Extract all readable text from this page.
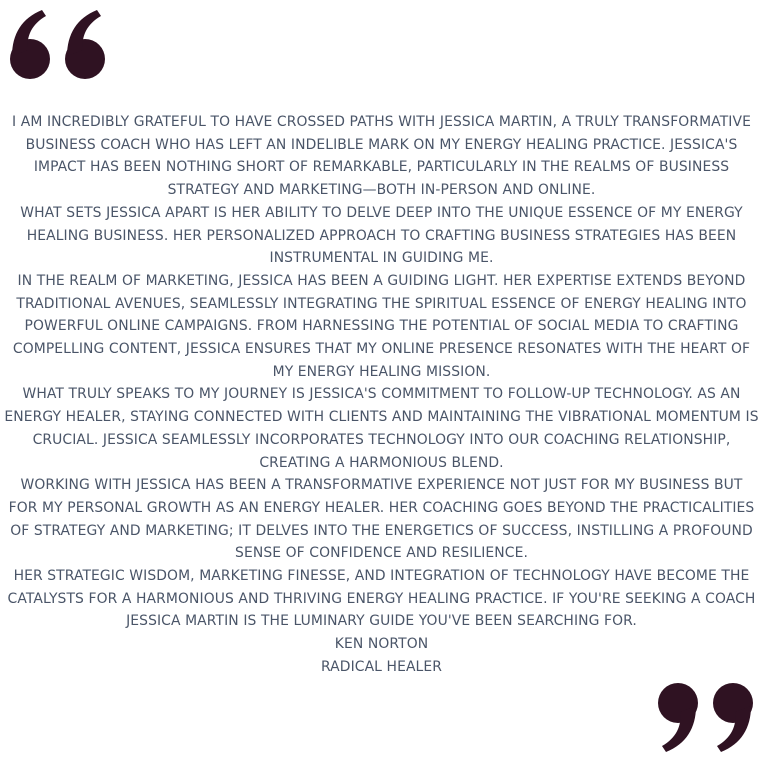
I AM INCREDIBLY GRATEFUL TO HAVE CROSSED PATHS WITH JESSICA MARTIN, A TRULY TRANSFORMATIVE BUSINESS COACH WHO HAS LEFT AN INDELIBLE MARK ON MY ENERGY HEALING PRACTICE. JESSICA'S IMPACT HAS BEEN NOTHING SHORT OF REMARKABLE, PARTICULARLY IN THE REALMS OF BUSINESS STRATEGY AND MARKETING—BOTH IN-PERSON AND ONLINE.

WHAT SETS JESSICA APART IS HER ABILITY TO DELVE DEEP INTO THE UNIQUE ESSENCE OF MY ENERGY HEALING BUSINESS. HER PERSONALIZED APPROACH TO CRAFTING BUSINESS STRATEGIES HAS BEEN INSTRUMENTAL IN GUIDING ME.

IN THE REALM OF MARKETING, JESSICA HAS BEEN A GUIDING LIGHT. HER EXPERTISE EXTENDS BEYOND TRADITIONAL AVENUES, SEAMLESSLY INTEGRATING THE SPIRITUAL ESSENCE OF ENERGY HEALING INTO POWERFUL ONLINE CAMPAIGNS. FROM HARNESSING THE POTENTIAL OF SOCIAL MEDIA TO CRAFTING COMPELLING CONTENT, JESSICA ENSURES THAT MY ONLINE PRESENCE RESONATES WITH THE HEART OF MY ENERGY HEALING MISSION.

WHAT TRULY SPEAKS TO MY JOURNEY IS JESSICA'S COMMITMENT TO FOLLOW-UP TECHNOLOGY. AS AN ENERGY HEALER, STAYING CONNECTED WITH CLIENTS AND MAINTAINING THE VIBRATIONAL MOMENTUM IS CRUCIAL. JESSICA SEAMLESSLY INCORPORATES TECHNOLOGY INTO OUR COACHING RELATIONSHIP, CREATING A HARMONIOUS BLEND.

WORKING WITH JESSICA HAS BEEN A TRANSFORMATIVE EXPERIENCE NOT JUST FOR MY BUSINESS BUT FOR MY PERSONAL GROWTH AS AN ENERGY HEALER. HER COACHING GOES BEYOND THE PRACTICALITIES OF STRATEGY AND MARKETING; IT DELVES INTO THE ENERGETICS OF SUCCESS, INSTILLING A PROFOUND SENSE OF CONFIDENCE AND RESILIENCE.

HER STRATEGIC WISDOM, MARKETING FINESSE, AND INTEGRATION OF TECHNOLOGY HAVE BECOME THE CATALYSTS FOR A HARMONIOUS AND THRIVING ENERGY HEALING PRACTICE. IF YOU'RE SEEKING A COACH JESSICA MARTIN IS THE LUMINARY GUIDE YOU'VE BEEN SEARCHING FOR.

KEN NORTON

RADICAL HEALER
